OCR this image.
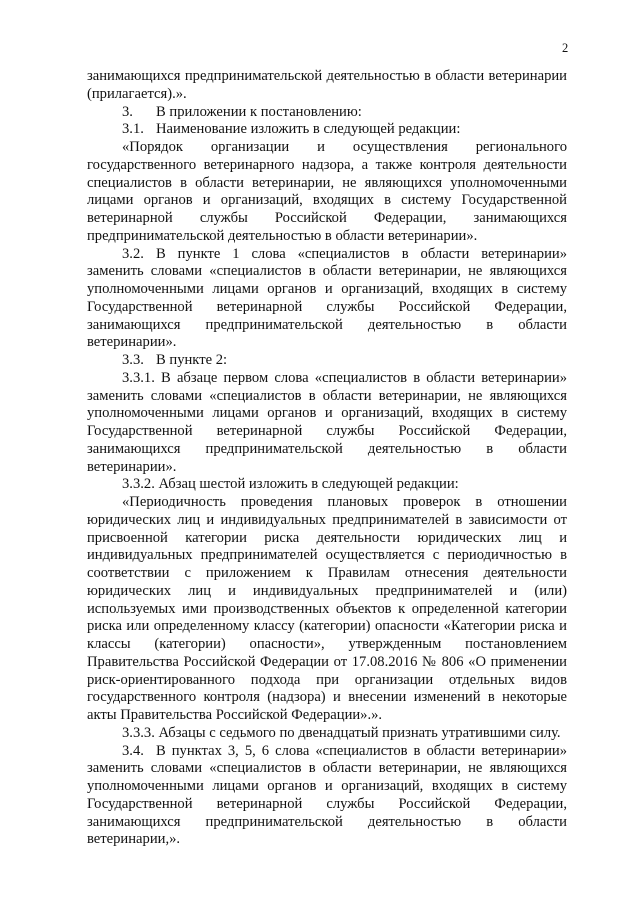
2

занимающихся предпринимательской деятельностью в области ветеринарии (прилагается).».

3. В приложении к постановлению:

3.1. Наименование изложить в следующей редакции:

«Порядок организации и осуществления регионального государственного ветеринарного надзора, а также контроля деятельности специалистов в области ветеринарии, не являющихся уполномоченными лицами органов и организаций, входящих в систему Государственной ветеринарной службы Российской Федерации, занимающихся предпринимательской деятельностью в области ветеринарии».

3.2. В пункте 1 слова «специалистов в области ветеринарии» заменить словами «специалистов в области ветеринарии, не являющихся уполномоченными лицами органов и организаций, входящих в систему Государственной ветеринарной службы Российской Федерации, занимающихся предпринимательской деятельностью в области ветеринарии».

3.3. В пункте 2:

3.3.1. В абзаце первом слова «специалистов в области ветеринарии» заменить словами «специалистов в области ветеринарии, не являющихся уполномоченными лицами органов и организаций, входящих в систему Государственной ветеринарной службы Российской Федерации, занимающихся предпринимательской деятельностью в области ветеринарии».

3.3.2. Абзац шестой изложить в следующей редакции:

«Периодичность проведения плановых проверок в отношении юридических лиц и индивидуальных предпринимателей в зависимости от присвоенной категории риска деятельности юридических лиц и индивидуальных предпринимателей осуществляется с периодичностью в соответствии с приложением к Правилам отнесения деятельности юридических лиц и индивидуальных предпринимателей и (или) используемых ими производственных объектов к определенной категории риска или определенному классу (категории) опасности «Категории риска и классы (категории) опасности», утвержденным постановлением Правительства Российской Федерации от 17.08.2016 № 806 «О применении риск-ориентированного подхода при организации отдельных видов государственного контроля (надзора) и внесении изменений в некоторые акты Правительства Российской Федерации».».

3.3.3. Абзацы с седьмого по двенадцатый признать утратившими силу.

3.4. В пунктах 3, 5, 6 слова «специалистов в области ветеринарии» заменить словами «специалистов в области ветеринарии, не являющихся уполномоченными лицами органов и организаций, входящих в систему Государственной ветеринарной службы Российской Федерации, занимающихся предпринимательской деятельностью в области ветеринарии,».
